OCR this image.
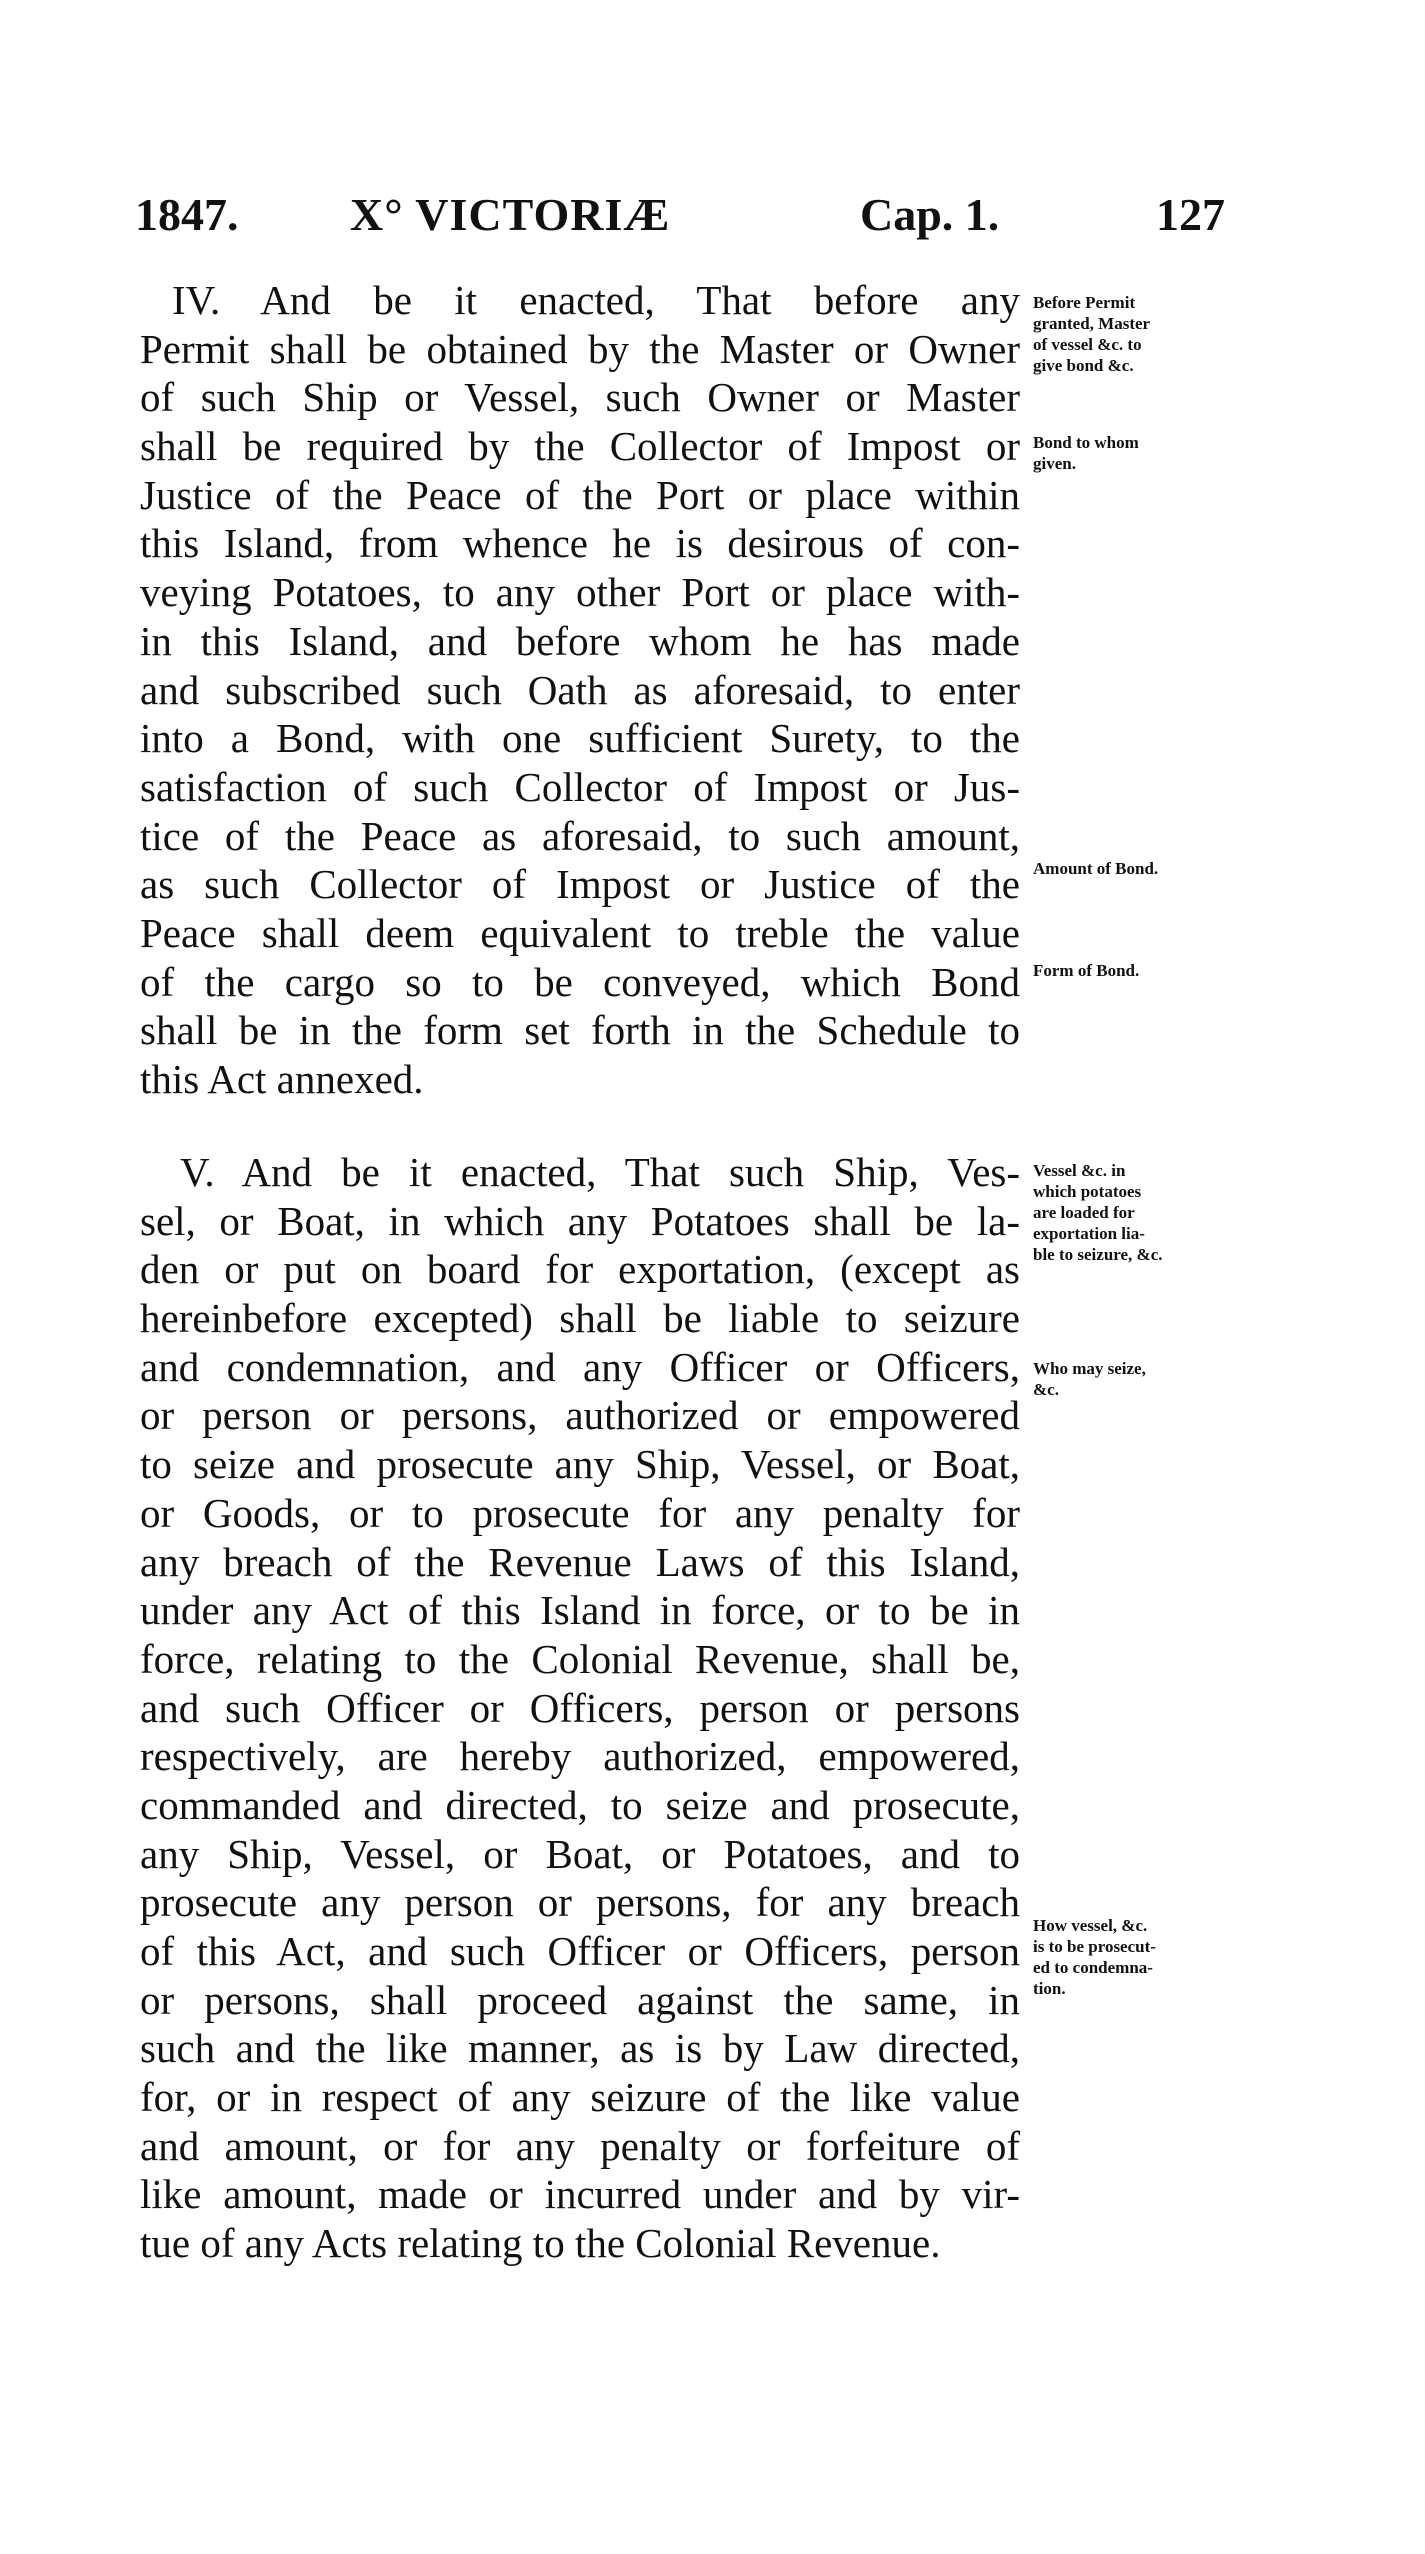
1847. X° VICTORIÆ	Cap. 1.	127
IV. And be it enacted, That before any
Permit shall be obtained by the Master or Owner
of such Ship or Vessel, such Owner or Master
shall be required by the Collector of Impost or
Justice of the Peace of the Port or place within
this Island, from whence he is desirous of con-
veying Potatoes, to any other Port or place with-
in this Island, and before whom he has made
and subscribed such Oath as aforesaid, to enter
into a Bond, with one sufficient Surety, to the
satisfaction of such Collector of Impost or Jus-
tice of the Peace as aforesaid, to such amount,
as such Collector of Impost or Justice of the
Peace shall deem equivalent to treble the value
of the cargo so to be conveyed, which Bond
shall be in the form set forth in the Schedule to
this Act annexed.
V. And be it enacted, That such Ship, Ves-
sel, or Boat, in which any Potatoes shall be la-
den or put on board for exportation, (except as
hereinbefore excepted) shall be liable to seizure
and condemnation, and any Officer or Officers,
or person or persons, authorized or empowered
to seize and prosecute any Ship, Vessel, or Boat,
or Goods, or to prosecute for any penalty for
any breach of the Revenue Laws of this Island,
under any Act of this Island in force, or to be in
force, relating to the Colonial Revenue, shall be,
and such Officer or Officers, person or persons
respectively, are hereby authorized, empowered,
commanded and directed, to seize and prosecute,
any Ship, Vessel, or Boat, or Potatoes, and to
prosecute any person or persons, for any breach
of this Act, and such Officer or Officers, person
or persons, shall proceed against the same, in
such and the like manner, as is by Law directed,
for, or in respect of any seizure of the like value
and amount, or for any penalty or forfeiture of
like amount, made or incurred under and by vir-
tue of any Acts relating to the Colonial Revenue.
Before Permit
granted, Master
of vessel &c. to
give bond &c.
Bond to whom
given.
Amount of Bond.
Form of Bond.
Vessel &c. in
which potatoes
are loaded for
exportation lia-
ble to seizure, &c.
Who may seize,
&c.
How vessel, &c.
is to be prosecut-
ed to condemna-
tion.
